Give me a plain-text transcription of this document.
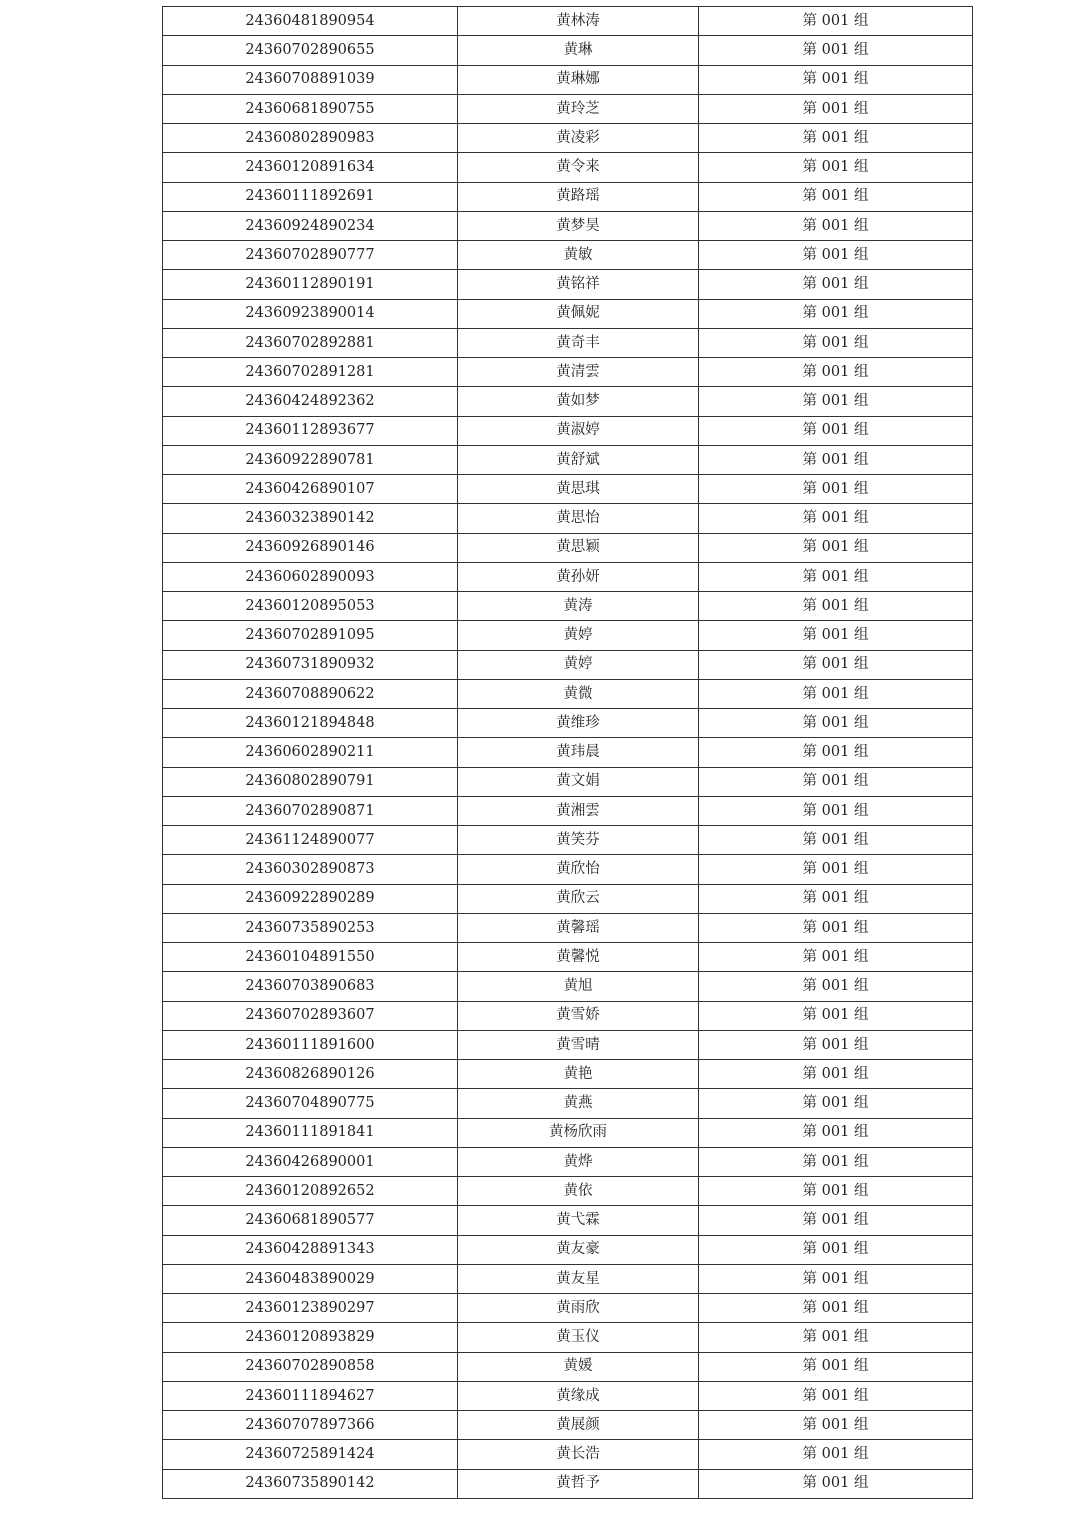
24360481890954	黄林涛	第 001 组
24360702890655	黄琳	第 001 组
24360708891039	黄琳娜	第 001 组
24360681890755	黄玲芝	第 001 组
24360802890983	黄凌彩	第 001 组
24360120891634	黄令来	第 001 组
24360111892691	黄路瑶	第 001 组
24360924890234	黄梦昊	第 001 组
24360702890777	黄敏	第 001 组
24360112890191	黄铭祥	第 001 组
24360923890014	黄佩妮	第 001 组
24360702892881	黄奇丰	第 001 组
24360702891281	黄清雲	第 001 组
24360424892362	黄如梦	第 001 组
24360112893677	黄淑婷	第 001 组
24360922890781	黄舒斌	第 001 组
24360426890107	黄思琪	第 001 组
24360323890142	黄思怡	第 001 组
24360926890146	黄思颖	第 001 组
24360602890093	黄孙妍	第 001 组
24360120895053	黄涛	第 001 组
24360702891095	黄婷	第 001 组
24360731890932	黄婷	第 001 组
24360708890622	黄微	第 001 组
24360121894848	黄维珍	第 001 组
24360602890211	黄玮晨	第 001 组
24360802890791	黄文娟	第 001 组
24360702890871	黄湘雲	第 001 组
24361124890077	黄笑芬	第 001 组
24360302890873	黄欣怡	第 001 组
24360922890289	黄欣云	第 001 组
24360735890253	黄馨瑶	第 001 组
24360104891550	黄馨悦	第 001 组
24360703890683	黄旭	第 001 组
24360702893607	黄雪娇	第 001 组
24360111891600	黄雪晴	第 001 组
24360826890126	黄艳	第 001 组
24360704890775	黄燕	第 001 组
24360111891841	黄杨欣雨	第 001 组
24360426890001	黄烨	第 001 组
24360120892652	黄依	第 001 组
24360681890577	黄弋霖	第 001 组
24360428891343	黄友豪	第 001 组
24360483890029	黄友星	第 001 组
24360123890297	黄雨欣	第 001 组
24360120893829	黄玉仪	第 001 组
24360702890858	黄媛	第 001 组
24360111894627	黄缘成	第 001 组
24360707897366	黄展颜	第 001 组
24360725891424	黄长浩	第 001 组
24360735890142	黄哲予	第 001 组
